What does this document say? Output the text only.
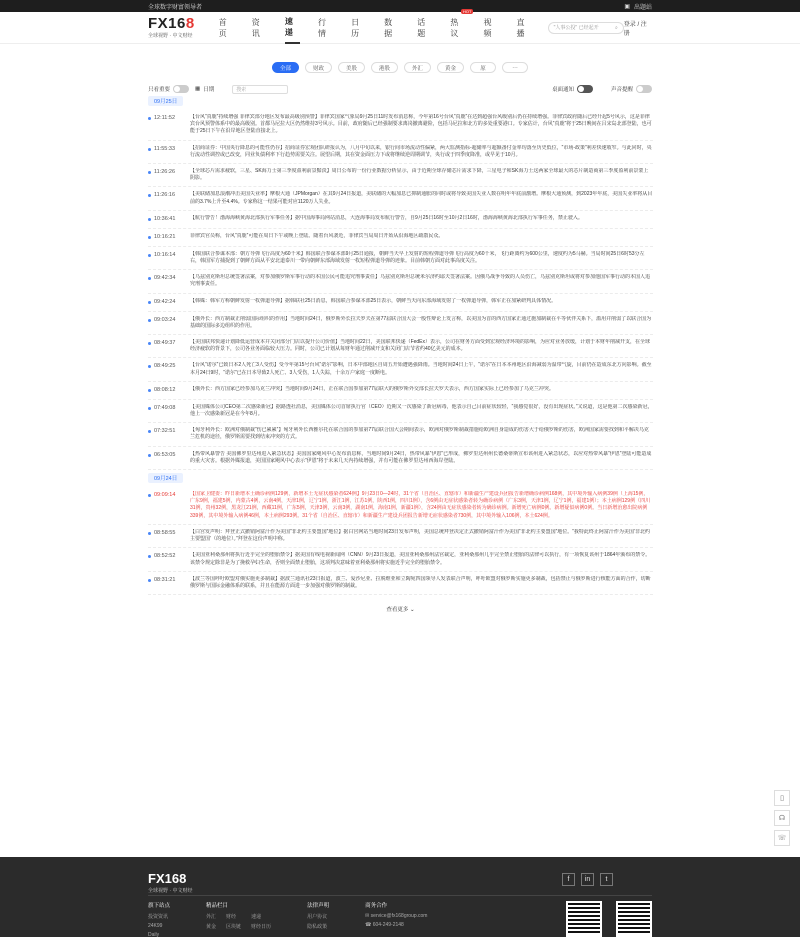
全球数字财富领导者	▣ 出题站
FX168
全球视野 · 中文财经
首页
资讯
速递
行情
日历
数据
话题
热议
HOT
视频
直播
"人事公投" 已经起开	⌕ 登录 / 注册
全部	财政	美股	港股	外汇	黄金	原	···
只看重要	▦ 日期	搜索	桌面通知	声音提醒
09月25日
12:11:52	【台风“真鹿”持续增强 菲律宾部分地区发布最高级别预警】菲律宾国家气象局9月25日11时发布消息称，今年第16号台风“真鹿”在达到超强台风级别后仍在持续增强。菲律宾政府随后已经升起5号风示，这是菲律宾台风预警体系中的最高级别。首都马尼拉大区仍然维持3号风示。目前，政府随后已经强制要求离岗撤离避险，包括马尼拉和北方的多处重要港口。专家估计，台风“真鹿”将于25日晚间在吕宋岛北部登陆，也可能于25日下午在沿岸地区登陆直接北上。
11:55:33	【招商证券：中国央行降息的可能性仍存】招商证券宏观团队研报认为，八月中旬以来，银行间市场流动性偏紧，两大监测指标-超储率与超额备付金率均落至历史低位，“市场-政策”利差快速收窄。与此同时，央行流动性调控或已改变，同业负债利率下行趋势需要关注。展望后期，其在资金面压力下或将继续逆周期调节，央行或于四季度降准，或早见于10月。
11:26:26	【全球芯片需求疲软，三星、SK海力士第三季度盈利前景黯淡】周日公布的一份行业数据分析显示，由于近期全球存储芯片需求下降，三星电子和SK海力士这两家全球最大的芯片制造商第三季度盈利前景蒙上阴影。
11:26:16	【美联储加息浪潮冲击美国失业率】摩根大通（JPMorgan）在其9月24日报道，美联储的大幅加息已抑制通胀的同时或将导致美国失业人数在明年年底前激增。摩根大通预测，到2023年年底，美国失业率将从目前的3.7%上升至4.4%。专家称这一结果可能对应1120万人失业。
10:36:41	【航行警告！渤海海峡黄海北部执行军事任务】据中国海事局网站消息，大连海事局发布航行警告，自9月25日16时至10月2日16时，渤海海峡黄海北部执行军事任务，禁止驶入。
10:16:21	菲律宾官员称，台风“真鹿”可能在周日下午或晚上登陆。随着台风袭近，菲律宾当局周日开始从沿海地区疏散民众。
10:16:14	【韩国联合参谋本部：朝方导弹飞行高度为60千米】韩国联合参谋本部9月25日通报，朝鲜当天早上发射的短程弹道导弹飞行高度为60千米，飞行距离约为600公里，速度约为5马赫。当局时间25日6时53分左右，韩国军方捕捉到了朝鲜方面从平安北道泰川一带向朝鲜东部海域发射一枚短程弹道导弹的迹象。目前韩朝方面对此事高度关注。
09:42:34	【乌兹别克斯坦总统签署法案，对参加俄罗斯军事行动的本国公民可能追究刑事责任】乌兹别克斯坦总统米尔济约耶夫签署法案。因俄乌战争导致的人员伤亡，乌兹别克斯坦或将对参加他国军事行动的本国人追究刑事责任。
09:42:24	【韩媒：韩军方称朝鲜发射一枚弹道导弹】据韩联社25日消息，韩国联合参谋本部25日表示，朝鲜当天向东部海域发射了一枚弹道导弹，韩军正在加紧研判具体情况。
09:03:24	【俄外长：西方制裁正削弱国际组织的作用】当地时间24日，俄罗斯外长拉夫罗夫在第77届联合国大会一般性辩论上发言称，以美国为首的西方国家正通过施加制裁在平等伙伴关系下，滥用并削弱了以联合国为基础的国际多边组织的作用。
08:49:37	【美国联邦快递计划降低运营成本并关闭部分门店以提升公司价值】当地时间22日，美国联邦快递（FedEx）表示，公司在财务方面受到宏观经济环境的影响，为应对业务放缓，计划于本财年削减开支，在全球经济疲软的背景下，公司各业务面临较大压力。同时，公司已计划从每财年通过削减开支和关闭门店节省约40亿美元的成本。
08:49:25	【台风“诺尔”已致日本2人死亡3人受伤】受今年第15号台风“诺尔”影响，日本中部地区自周五开始遭遇强降雨。当地时间24日上午，“诺尔”在日本本州地区沿海减弱为温带气旋，目前仍在造成东北方向影响。截至本月24日9时，“诺尔”已在日本导致2人死亡、3人受伤，1人失踪，十余万户家庭一度断电。
08:08:12	【俄外长：西方国家已经参加乌克兰冲突】当地时间9月24日，正在联合国参加第77届联大的俄罗斯外交部长拉夫罗夫表示，西方国家实际上已经参加了乌克兰冲突。
07:49:08	【美国媒体公司CEO第二次感染新冠】据路透社消息，美国媒体公司首席执行官（CEO）近期又一次感染了新冠病毒，他表示自己目前症状较轻，“我感觉很好，没有出现症状。”又说道，这是他第二次感染新冠，他上一次感染新冠是在今年8月。
07:32:51	【匈牙利外长：欧洲对俄制裁“伤已累累”】匈牙利外长西雅尔托在联合国的参加第77届联合国大会期间表示，欧洲对俄罗斯制裁措施给欧洲自身造成的伤害大于给俄罗斯的伤害，欧洲国家需要找到和平解决乌克兰危机的途径，俄罗斯需要找到结束冲突的方式。
06:53:05	【热带风暴警告 美国佛罗里达州进入紧急状态】美国国家飓风中心发布消息称，当地时间9月24日，热带风暴“伊恩”已形成，佛罗里达州州长德桑蒂斯宣布该州进入紧急状态，以应对热带风暴“伊恩”登陆可能造成的重大灾害。根据外媒报道，美国国家飓风中心表示“伊恩”将于未来几天内持续增强，并有可能在佛罗里达州西海岸登陆。
09月24日
09:09:14	【国家卫健委：昨日新增本土确诊病例129例，新增本土无症状感染者624例】9月23日0—24时，31个省（自治区、直辖市）和新疆生产建设兵团报告新增确诊病例168例，其中境外输入病例39例（上海15例，广东9例，福建5例，内蒙古4例，云南4例，天津1例，辽宁1例，浙江1例，江苏1例，陕西1例，四川1例），含6例由无症状感染者转为确诊病例（广东3例，天津1例，辽宁1例，福建1例）；本土病例129例（四川31例，贵州32例，黑龙江21例，西藏11例，广东5例，天津3例，云南3例，湖南1例，海南1例，新疆1例），含24例由无症状感染者转为确诊病例。新增死亡病例0例。新增疑似病例0例。当日新增治愈出院病例339例，其中境外输入病例46例，本土病例293例。31个省（自治区、直辖市）和新疆生产建设兵团报告新增无症状感染者730例，其中境外输入106例，本土624例。
08:58:55	【白宫发声明：拜登正式撤销阿富汗作为美国“非北约主要盟国”地位】据白宫网站当地时间23日发布声明，美国总统拜登决定正式撤销阿富汗作为美国“非北约主要盟国”地位。“我特此终止阿富汗作为美国‘非北约主要盟国’（的地位）。”拜登在这份声明中称。
08:52:52	【美国亚利桑那州将执行近乎完全的堕胎禁令】据美国有线电视新闻网（CNN）9月23日报道，美国亚利桑那州法官裁定，亚利桑那州几乎完全禁止堕胎的法律可以执行，有一项恢复该州于1864年颁布的禁令。该禁令规定除非是为了挽救孕妇生命，否则全面禁止堕胎，这项判决意味着亚利桑那州将实施近乎完全的堕胎禁令。
08:31:21	【波兰等国呼吁欧盟对俄实施更多制裁】据波兰通讯社23日报道，波兰、爱沙尼亚、拉脱维亚和立陶宛四国领导人发表联合声明，呼吁欧盟对俄罗斯实施更多制裁，包括禁止与俄罗斯进行核能方面的合作，切断俄罗斯与国际金融体系的联系，并且在能源方面进一步加强对俄罗斯的制裁。
查看更多 ⌄
▯
☊
☏
FX168
全球视野 · 中文财经
f	in	t
旗下站点
投资资讯
24K99
Daily
精品栏目
外汇 财经	速递
黄金 区块链 财经日历
法律声明
用户协议
隐私政策
商务合作
✉ service@fx168group.com
☎ 604-249-2148
